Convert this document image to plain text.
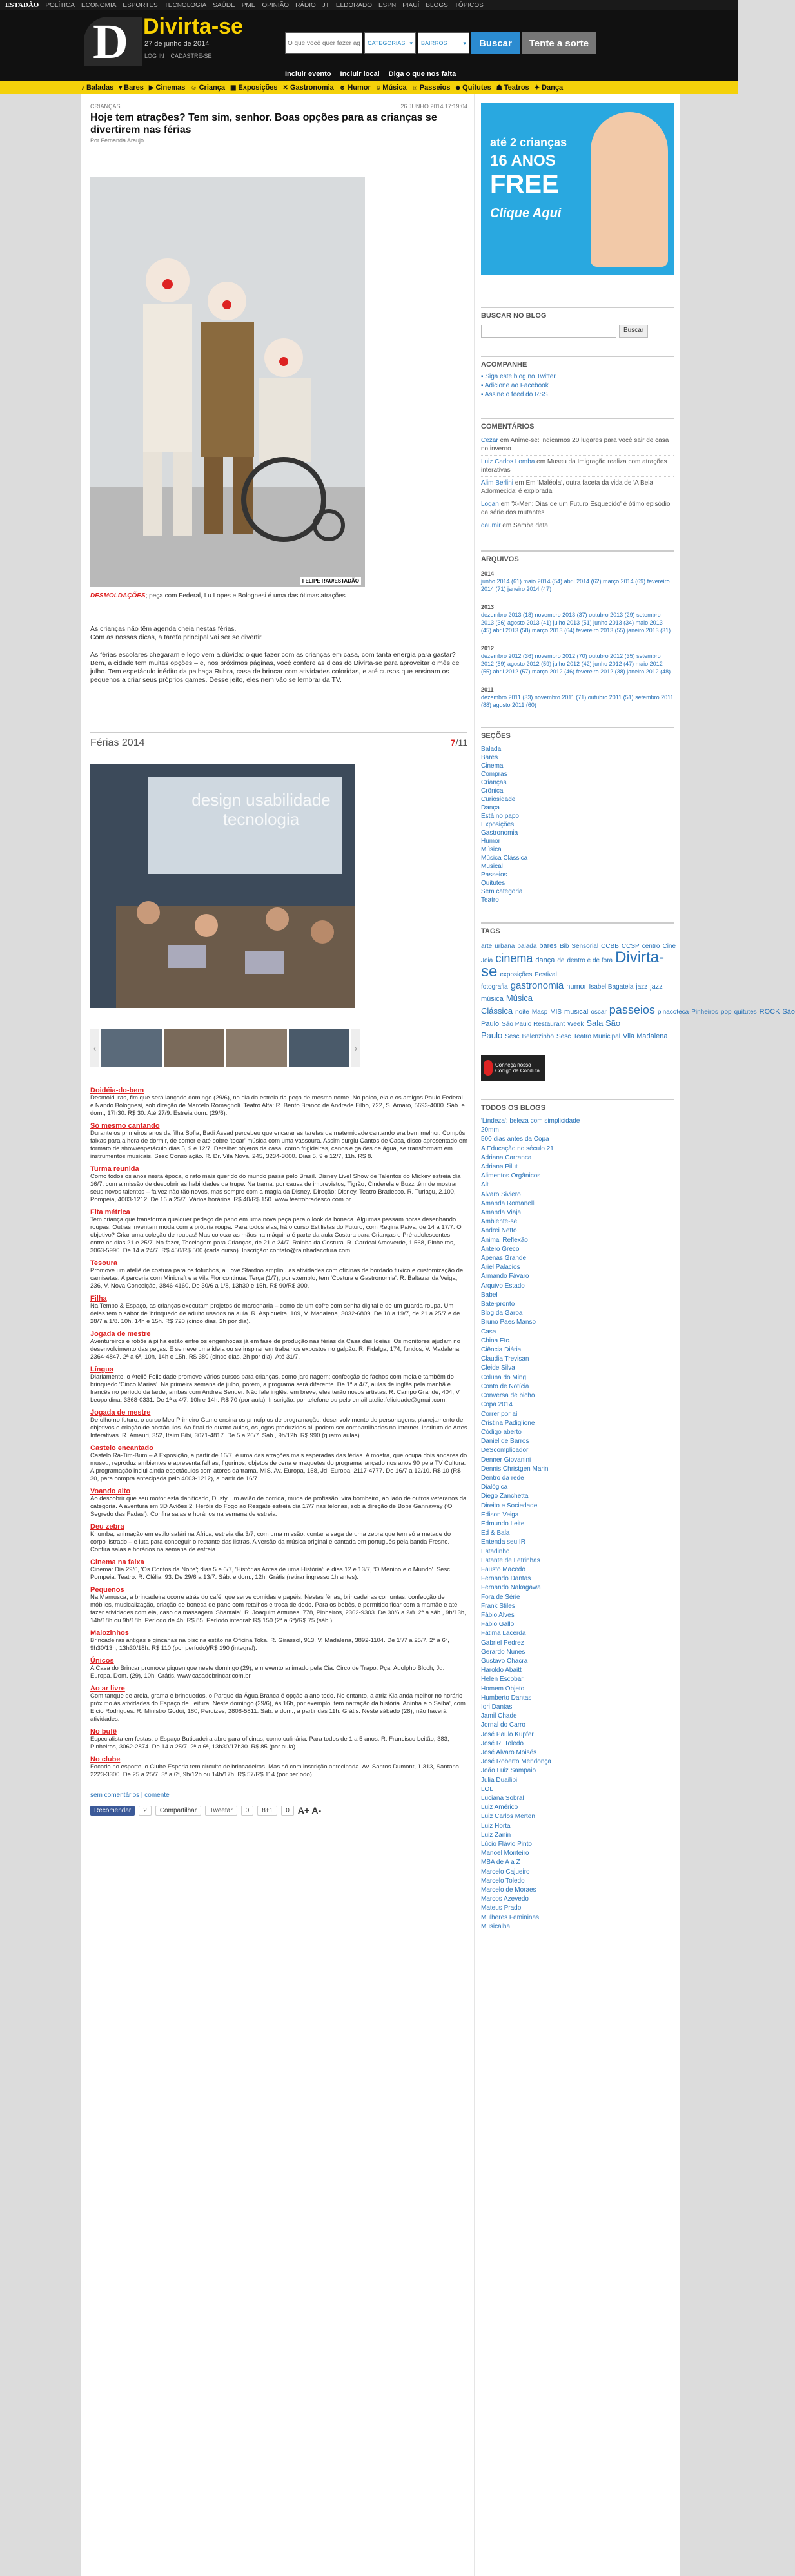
ESTADÃO POLÍTICA ECONOMIA ESPORTES TECNOLOGIA SAÚDE PME OPINIÃO RÁDIO JT ELDORADO ESPN PIAUÍ BLOGS TÓPICOS
D Divirta-se
27 de junho de 2014
LOG IN CADASTRE-SE
O que você quer fazer agora?
CATEGORIAS ▾ BAIRROS	▾	Buscar	Tente a sorte
Incluir evento Incluir local Diga o que nos falta
♪ Baladas ▾ Bares ▶ Cinemas ☺ Criança ▣ Exposições ✕ Gastronomia ☻ Humor ♫ Música ☼ Passeios ◆ Quitutes ☗ Teatros ✦ Dança
CRIANÇAS	26 JUNHO 2014 17:19:04
Hoje tem atrações? Tem sim, senhor. Boas opções para as crianças se divertirem nas férias
Por Fernanda Araujo
FELIPE RAU/ESTADÃO
DESMOLDAÇÕES; peça com Federal, Lu Lopes e Bolognesi é uma das ótimas atrações

As crianças não têm agenda cheia nestas férias.

Com as nossas dicas, a tarefa principal vai ser se divertir.

As férias escolares chegaram e logo vem a dúvida: o que fazer com as crianças em casa, com tanta energia para gastar? Bem, a cidade tem muitas opções – e, nos próximos páginas, você confere as dicas do Divirta-se para aproveitar o mês de julho. Tem espetáculo inédito da palhaça Rubra, casa de brincar com atividades coloridas, e até cursos que ensinam os pequenos a criar seus próprios games. Desse jeito, eles nem vão se lembrar da TV.

Férias 2014	7/11
design usabilidade tecnologia
‹	›
Doidéia-do-bem

Desmolduras, fim que será lançado domingo (29/6), no dia da estreia da peça de mesmo nome. No palco, ela e os amigos Paulo Federal e Nando Bolognesi, sob direção de Marcelo Romagnoli. Teatro Alfa: R. Bento Branco de Andrade Filho, 722, S. Amaro, 5693-4000. Sáb. e dom., 17h30. R$ 30. Até 27/9. Estreia dom. (29/6).

Só mesmo cantando

Durante os primeiros anos da filha Sofia, Badi Assad percebeu que encarar as tarefas da maternidade cantando era bem melhor. Compôs faixas para a hora de dormir, de comer e até sobre 'tocar' música com uma vassoura. Assim surgiu Cantos de Casa, disco apresentado em formato de show/espetáculo dias 5, 9 e 12/7. Detalhe: objetos da casa, como frigideiras, canos e galões de água, se transformam em instrumentos musicais. Sesc Consolação. R. Dr. Vila Nova, 245, 3234-3000. Dias 5, 9 e 12/7, 11h. R$ 8.

Turma reunida

Como todos os anos nesta época, o rato mais querido do mundo passa pelo Brasil. Disney Live! Show de Talentos do Mickey estreia dia 16/7, com a missão de descobrir as habilidades da trupe. Na trama, por causa de imprevistos, Tigrão, Cinderela e Buzz têm de mostrar seus novos talentos – falvez não tão novos, mas sempre com a magia da Disney. Direção: Disney. Teatro Bradesco. R. Turiaçu, 2.100, Pompeia, 4003-1212. De 16 a 25/7. Vários horários. R$ 40/R$ 150. www.teatrobradesco.com.br

Fita métrica

Tem criança que transforma qualquer pedaço de pano em uma nova peça para o look da boneca. Algumas passam horas desenhando roupas. Outras inventam moda com a própria roupa. Para todos elas, há o curso Estilistas do Futuro, com Regina Paiva, de 14 a 17/7. O objetivo? Criar uma coleção de roupas! Mas colocar as mãos na máquina é parte da aula Costura para Crianças e Pré-adolescentes, entre os dias 21 e 25/7. No fazer, Tecelagem para Crianças, de 21 e 24/7. Rainha da Costura. R. Cardeal Arcoverde, 1.568, Pinheiros, 3063-5990. De 14 a 24/7. R$ 450/R$ 500 (cada curso). Inscrição: contato@rainhadacotura.com.

Tesoura

Promove um ateliê de costura para os fofuchos, a Love Stardoo ampliou as atividades com oficinas de bordado fuxico e customização de camisetas. A parceria com Minicraft e a Vila Flor continua. Terça (1/7), por exemplo, tem 'Costura e Gastronomia'. R. Baltazar da Veiga, 236, V. Nova Conceição, 3846-4160. De 30/6 a 1/8, 13h30 e 15h. R$ 90/R$ 300.

Filha

Na Tempo & Espaço, as crianças executam projetos de marcenaria – como de um cofre com senha digital e de um guarda-roupa. Um delas tem o sabor de 'brinquedo de adulto usados na aula. R. Aspicuelta, 109, V. Madalena, 3032-6809. De 18 a 19/7, de 21 a 25/7 e de 28/7 a 1/8. 10h. 14h e 15h. R$ 720 (cinco dias, 2h por dia).

Jogada de mestre

Aventureiros e robôs à pilha estão entre os engenhocas já em fase de produção nas férias da Casa das Ideias. Os monitores ajudam no desenvolvimento das peças. E se neve uma ideia ou se inspirar em trabalhos expostos no galpão. R. Fidalga, 174, fundos, V. Madalena, 2364-4847. 2ª a 6ª, 10h, 14h e 15h. R$ 380 (cinco dias, 2h por dia). Até 31/7.

Língua

Diariamente, o Ateliê Felicidade promove vários cursos para crianças, como jardinagem; confecção de fachos com meia e também do brinquedo 'Cinco Marias'. Na primeira semana de julho, porém, a programa será diferente. De 1ª a 4/7, aulas de inglês pela manhã e francês no período da tarde, ambas com Andrea Sender. Não fale inglês: em breve, eles terão novos artistas. R. Campo Grande, 404, V. Leopoldina, 3368-0331. De 1ª a 4/7. 10h e 14h. R$ 70 (por aula). Inscrição: por telefone ou pelo email atelie.felicidade@gmail.com.

Jogada de mestre

De olho no futuro: o curso Meu Primeiro Game ensina os princípios de programação, desenvolvimento de personagens, planejamento de objetivos e criação de obstáculos. Ao final de quatro aulas, os jogos produzidos ali podem ser compartilhados na internet. Instituto de Artes Interativas. R. Amauri, 352, Itaim Bibi, 3071-4817. De 5 a 26/7. Sáb., 9h/12h. R$ 990 (quatro aulas).

Castelo encantado

Castelo Rá-Tim-Bum – A Exposição, a partir de 16/7, é uma das atrações mais esperadas das férias. A mostra, que ocupa dois andares do museu, reproduz ambientes e apresenta falhas, figurinos, objetos de cena e maquetes do programa lançado nos anos 90 pela TV Cultura. A programação inclui ainda espetáculos com atores da trama. MIS. Av. Europa, 158, Jd. Europa, 2117-4777. De 16/7 a 12/10. R$ 10 (R$ 30, para compra antecipada pelo 4003-1212), a partir de 16/7.

Voando alto

Ao descobrir que seu motor está danificado, Dusty, um avião de corrida, muda de profissão: vira bombeiro, ao lado de outros veteranos da categoria. A aventura em 3D Aviões 2: Heróis do Fogo ao Resgate estreia dia 17/7 nas telonas, sob a direção de Bobs Gannaway ('O Segredo das Fadas'). Confira salas e horários na semana de estreia.

Deu zebra

Khumba, animação em estilo safári na África, estreia dia 3/7, com uma missão: contar a saga de uma zebra que tem só a metade do corpo listrado – e luta para conseguir o restante das listras. A versão da música original é cantada em português pela banda Fresno. Confira salas e horários na semana de estreia.

Cinema na faixa

Cinema: Dia 29/6, 'Os Contos da Noite'; dias 5 e 6/7, 'Histórias Antes de uma História'; e dias 12 e 13/7, 'O Menino e o Mundo'. Sesc Pompeia. Teatro. R. Clélia, 93. De 29/6 a 13/7. Sáb. e dom., 12h. Grátis (retirar ingresso 1h antes).

Pequenos

Na Mamusca, a brincadeira ocorre atrás do café, que serve comidas e papéis. Nestas férias, brincadeiras conjuntas: confecção de móbiles, musicalização, criação de boneca de pano com retalhos e troca de dedo. Para os bebês, é permitido ficar com a mamãe e até fazer atividades com ela, caso da massagem 'Shantala'. R. Joaquim Antunes, 778, Pinheiros, 2362-9303. De 30/6 a 2/8. 2ª a sáb., 9h/13h, 14h/18h ou 9h/18h. Período de 4h: R$ 85. Período integral: R$ 150 (2ª a 6ª)/R$ 75 (sáb.).

Maiozinhos

Brincadeiras antigas e gincanas na piscina estão na Oficina Toka. R. Girassol, 913, V. Madalena, 3892-1104. De 1º/7 a 25/7. 2ª a 6ª, 9h30/13h, 13h30/18h. R$ 110 (por período)/R$ 190 (integral).

Únicos

A Casa do Brincar promove piquenique neste domingo (29), em evento animado pela Cia. Circo de Trapo. Pça. Adolpho Bloch, Jd. Europa. Dom. (29), 10h. Grátis. www.casadobrincar.com.br

Ao ar livre

Com tanque de areia, grama e brinquedos, o Parque da Água Branca é opção a ano todo. No entanto, a atriz Kia anda melhor no horário próximo às atividades do Espaço de Leitura. Neste domingo (29/6), às 16h, por exemplo, tem narração da história 'Aninha e o Saiba', com Elcio Rodrigues. R. Ministro Godói, 180, Perdizes, 2808-5811. Sáb. e dom., a partir das 11h. Grátis. Neste sábado (28), não haverá atividades.

No bufê

Especialista em festas, o Espaço Buticadeira abre para oficinas, como culinária. Para todos de 1 a 5 anos. R. Francisco Leitão, 383, Pinheiros, 3062-2874. De 14 a 25/7. 2ª a 6ª, 13h30/17h30. R$ 85 (por aula).

No clube

Focado no esporte, o Clube Esperia tem circuito de brincadeiras. Mas só com inscrição antecipada. Av. Santos Dumont, 1.313, Santana, 2223-3300. De 25 a 25/7. 3ª a 6ª, 9h/12h ou 14h/17h. R$ 57/R$ 114 (por período).

sem comentários | comente
Recomendar	2	Compartilhar	Tweetar	0	8+1	0 A+ A-
até 2 crianças
16 ANOS
FREE
Clique Aqui
BUSCAR NO BLOG
Buscar
ACOMPANHE
▪ Siga este blog no Twitter
▪ Adicione ao Facebook
▪ Assine o feed do RSS
COMENTÁRIOS
Cezar em Anime-se: indicamos 20 lugares para você sair de casa no inverno
Luiz Carlos Lomba em Museu da Imigração realiza com atrações interativas
Alim Berlini em Em 'Maléola', outra faceta da vida de 'A Bela Adormecida' é explorada
Logan em 'X-Men: Dias de um Futuro Esquecido' é ótimo episódio da série dos mutantes
daumir em Samba data
ARQUIVOS
2014
junho 2014 (61) maio 2014 (54) abril 2014 (62) março 2014 (69) fevereiro 2014 (71) janeiro 2014 (47)
2013
dezembro 2013 (18) novembro 2013 (37) outubro 2013 (29) setembro 2013 (36) agosto 2013 (41) julho 2013 (51) junho 2013 (34) maio 2013 (45) abril 2013 (58) março 2013 (64) fevereiro 2013 (55) janeiro 2013 (31)
2012
dezembro 2012 (36) novembro 2012 (70) outubro 2012 (35) setembro 2012 (59) agosto 2012 (59) julho 2012 (42) junho 2012 (47) maio 2012 (55) abril 2012 (57) março 2012 (46) fevereiro 2012 (38) janeiro 2012 (48)
2011
dezembro 2011 (33) novembro 2011 (71) outubro 2011 (51) setembro 2011 (88) agosto 2011 (60)
SEÇÕES
Balada
Bares
Cinema
Compras
Crianças
Crônica
Curiosidade
Dança
Está no papo
Exposições
Gastronomia
Humor
Música
Música Clássica
Musical
Passeios
Quitutes
Sem categoria
Teatro
TAGS
arte urbana balada bares Bib Sensorial CCBB CCSP centro Cine Joia cinema dança de dentro e de fora Divirta-se exposições Festival fotografia gastronomia humor Isabel Bagatela jazz jazz música Música Clássica noite Masp MIS musical oscar passeios pinacoteca Pinheiros pop quitutes ROCK São Paulo São Paulo Restaurant Week Sala São Paulo Sesc Belenzinho Sesc Teatro Municipal Vila Madalena
Conheça nosso Código de Conduta
TODOS OS BLOGS
'Lindeza': beleza com simplicidade
20mm
500 dias antes da Copa
A Educação no século 21
Adriana Carranca
Adriana Pilut
Alimentos Orgânicos
Alt
Alvaro Siviero
Amanda Romanelli
Amanda Viaja
Ambiente-se
Andrei Netto
Animal Reflexão
Antero Greco
Apenas Grande
Ariel Palacios
Armando Fávaro
Arquivo Estado
Babel
Bate-pronto
Blog da Garoa
Bruno Paes Manso
Casa
China Etc.
Ciência Diária
Claudia Trevisan
Cleide Silva
Coluna do Ming
Conto de Notícia
Conversa de bicho
Copa 2014
Correr por aí
Cristina Padiglione
Código aberto
Daniel de Barros
DeScomplicador
Denner Giovanini
Dennis Christgen Marin
Dentro da rede
Dialógica
Diego Zanchetta
Direito e Sociedade
Edison Veiga
Edmundo Leite
Ed & Bala
Entenda seu IR
Estadinho
Estante de Letrinhas
Fausto Macedo
Fernando Dantas
Fernando Nakagawa
Fora de Série
Frank Stiles
Fábio Alves
Fábio Gallo
Fátima Lacerda
Gabriel Pedrez
Gerardo Nunes
Gustavo Chacra
Haroldo Abaitt
Helen Escobar
Homem Objeto
Humberto Dantas
Iori Dantas
Jamil Chade
Jornal do Carro
José Paulo Kupfer
José R. Toledo
José Alvaro Moisés
José Roberto Mendonça
João Luiz Sampaio
Julia Duailibi
LOL
Luciana Sobral
Luiz Américo
Luiz Carlos Merten
Luiz Horta
Luiz Zanin
Lúcio Flávio Pinto
Manoel Monteiro
MBA de A a Z
Marcelo Cajueiro
Marcelo Toledo
Marcelo de Moraes
Marcos Azevedo
Mateus Prado
Mulheres Femininas
Musicalha
